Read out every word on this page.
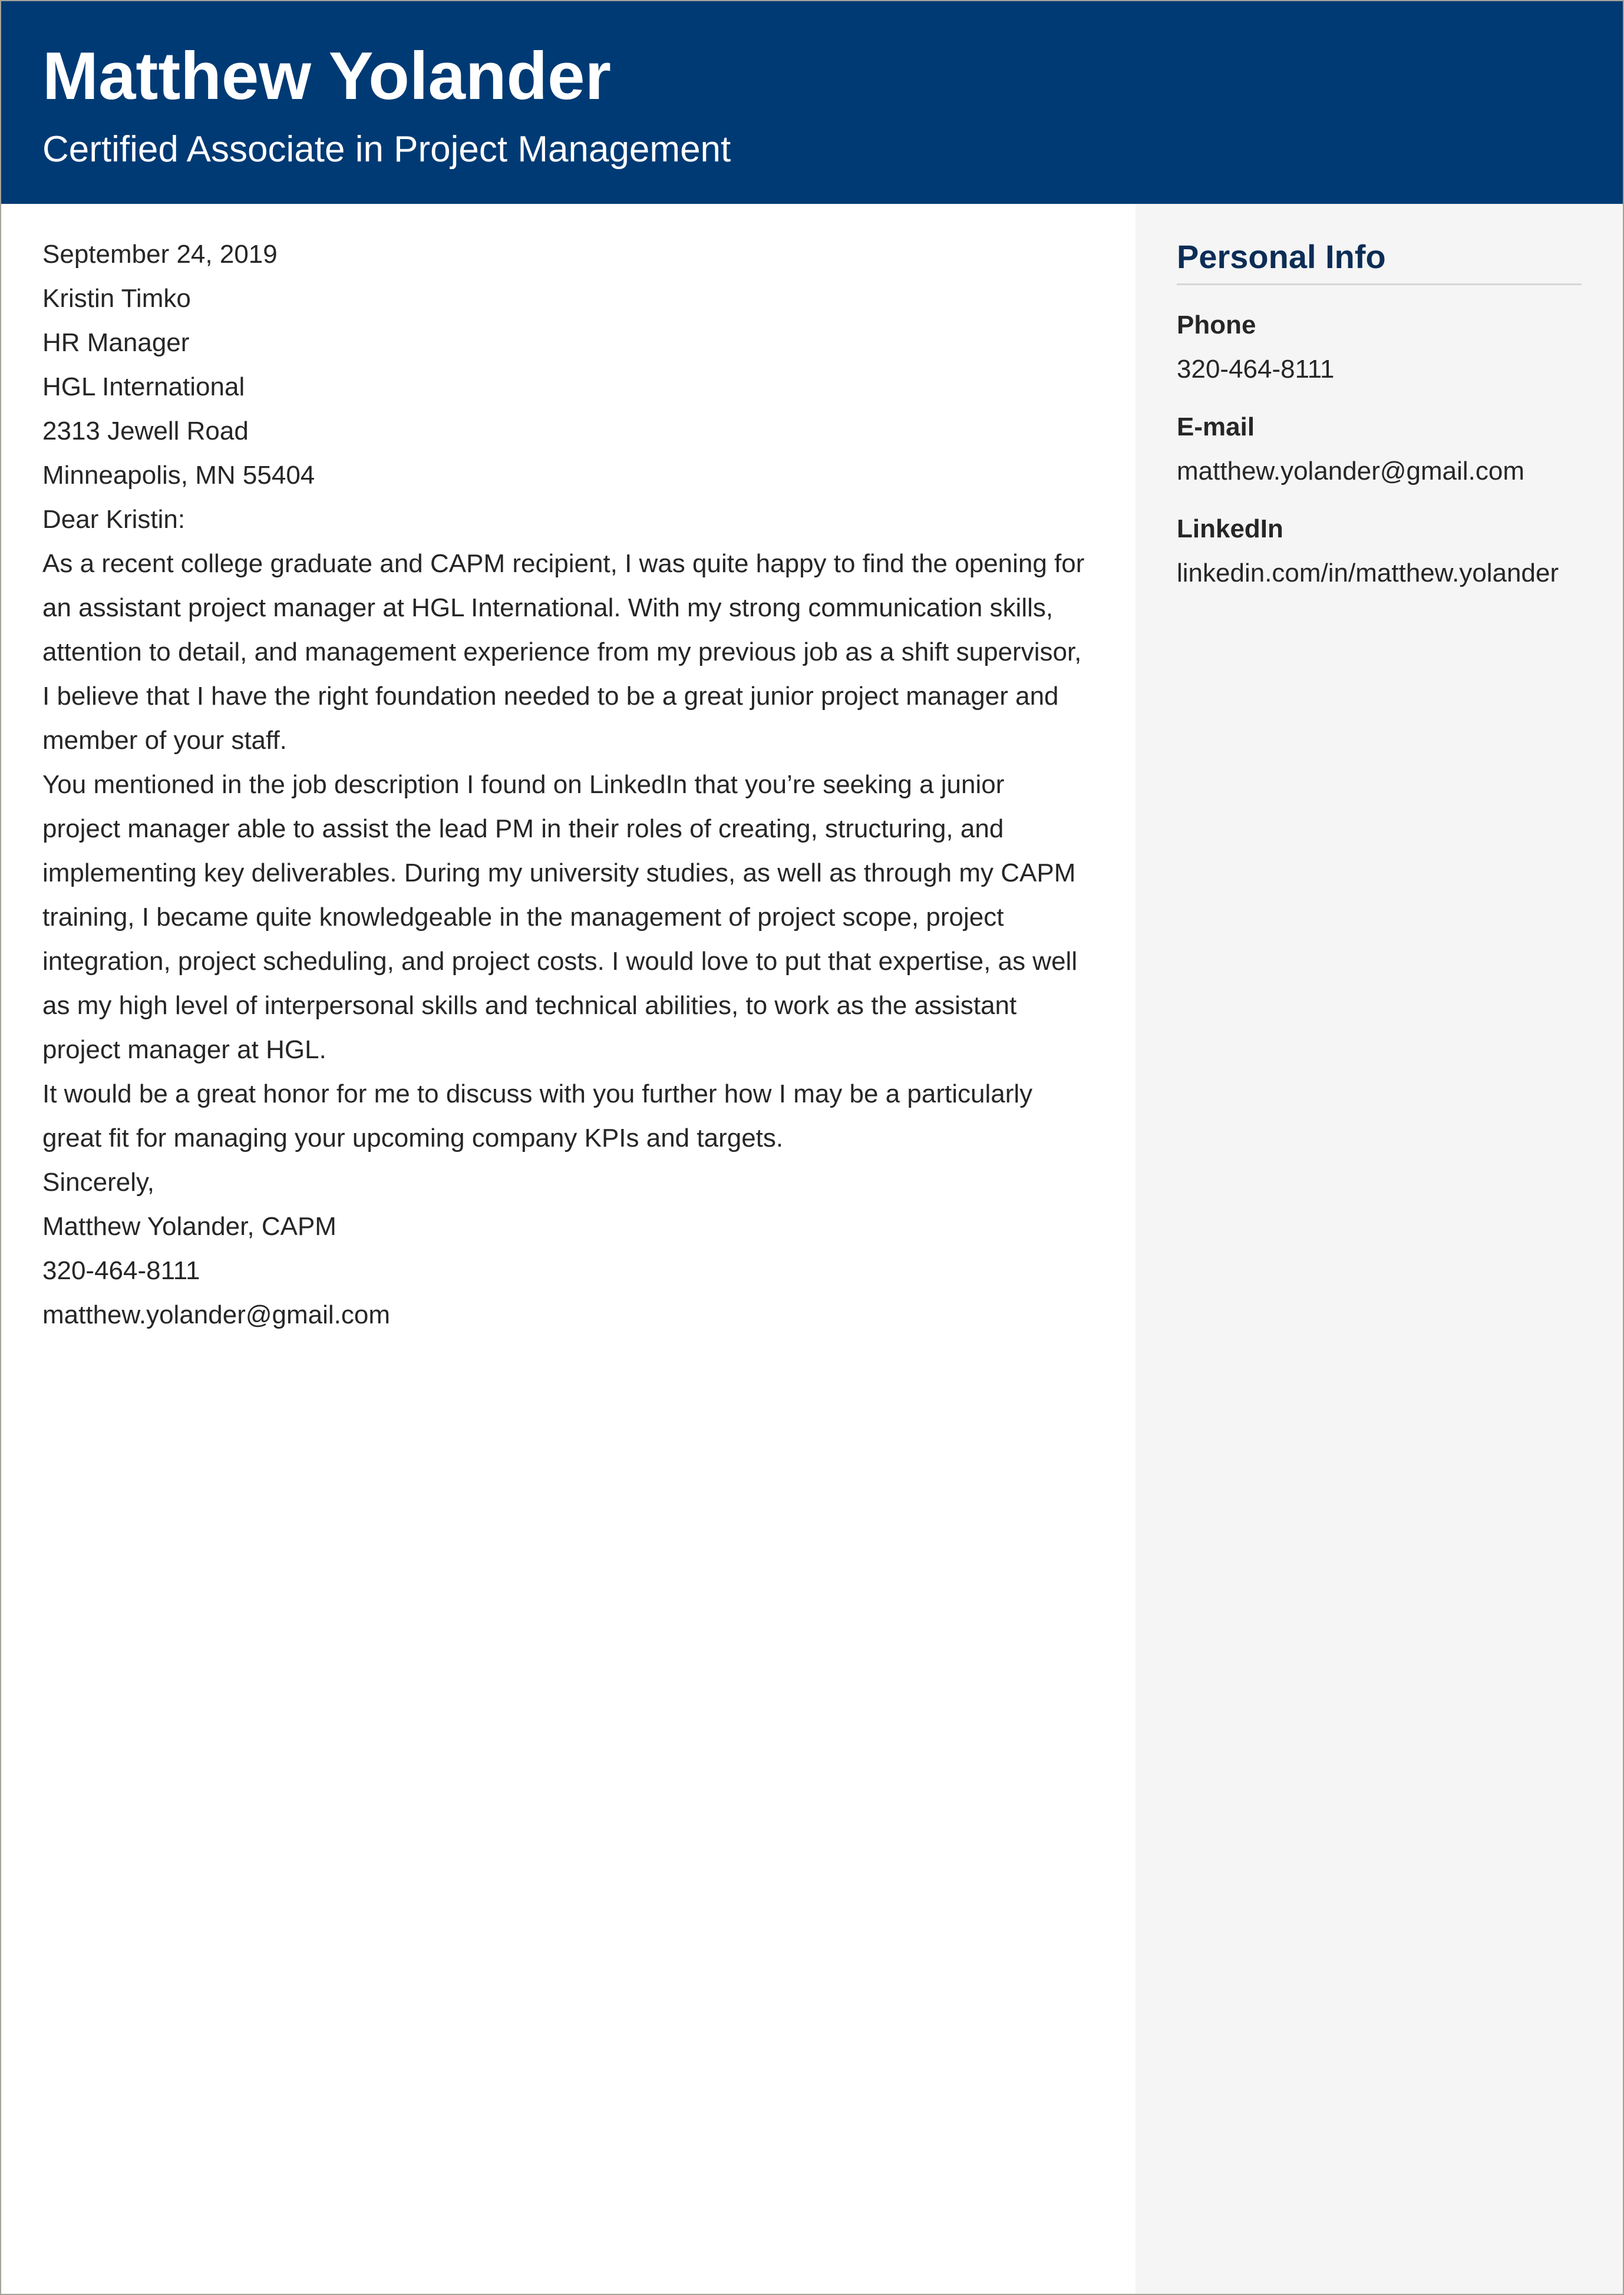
Matthew Yolander
Certified Associate in Project Management

September 24, 2019

Kristin Timko
HR Manager
HGL International
2313 Jewell Road
Minneapolis, MN 55404

Dear Kristin:

As a recent college graduate and CAPM recipient, I was quite happy to find the opening for
an assistant project manager at HGL International. With my strong communication skills,
attention to detail, and management experience from my previous job as a shift supervisor,
I believe that I have the right foundation needed to be a great junior project manager and
member of your staff.

You mentioned in the job description I found on LinkedIn that you’re seeking a junior
project manager able to assist the lead PM in their roles of creating, structuring, and
implementing key deliverables. During my university studies, as well as through my CAPM
training, I became quite knowledgeable in the management of project scope, project
integration, project scheduling, and project costs. I would love to put that expertise, as well
as my high level of interpersonal skills and technical abilities, to work as the assistant
project manager at HGL.

It would be a great honor for me to discuss with you further how I may be a particularly
great fit for managing your upcoming company KPIs and targets.

Sincerely,

Matthew Yolander, CAPM
320-464-8111
matthew.yolander@gmail.com

Personal Info
Phone
320-464-8111
E-mail
matthew.yolander@gmail.com
LinkedIn
linkedin.com/in/matthew.yolander
